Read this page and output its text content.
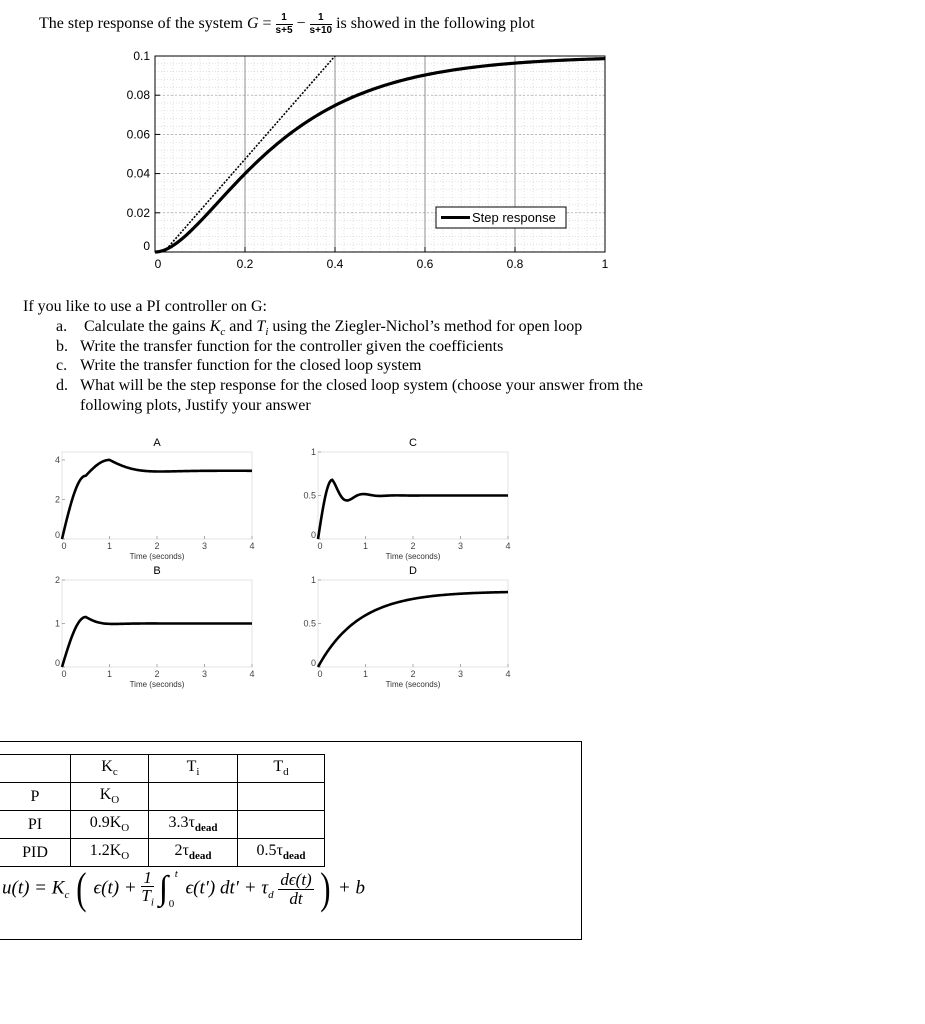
The step response of the system $G = \frac{1}{s+5} - \frac{1}{s+10}$ is showed in the following plot
0.1
0.08
0.06
0.04
0.02
0
0	0.2	0.4	0.6	0.8	1
Step response
If you like to use a PI controller on G:
a. Calculate the gains $K_c$ and $T_i$ using the Ziegler-Nichol’s method for open loop
b. Write the transfer function for the controller given the coefficients
c. Write the transfer function for the closed loop system
d. What will be the step response for the closed loop system (choose your answer from the
following plots, Justify your answer
A
4
2
0
0	1	2	3	4
Time (seconds)
B
2
1
0
0	1	2	3	4
Time (seconds)
C
1
0.5
0
0	1	2	3	4
Time (seconds)
D
1
0.5
0
0	1	2	3	4
Time (seconds)
	$K_c$	$T_i$	$T_d$
P	$K_O$		
PI	$0.9K_O$	$3.3\tau_{dead}$	
PID	$1.2K_O$	$2\tau_{dead}$	$0.5\tau_{dead}$
$u(t) = K_c$ ( $\epsilon(t) + \frac{1}{T_i}$ ∫ t
0
ϵ(t′) $dt' + \tau_d \frac{d\epsilon(t)}{dt}$ ) + b
